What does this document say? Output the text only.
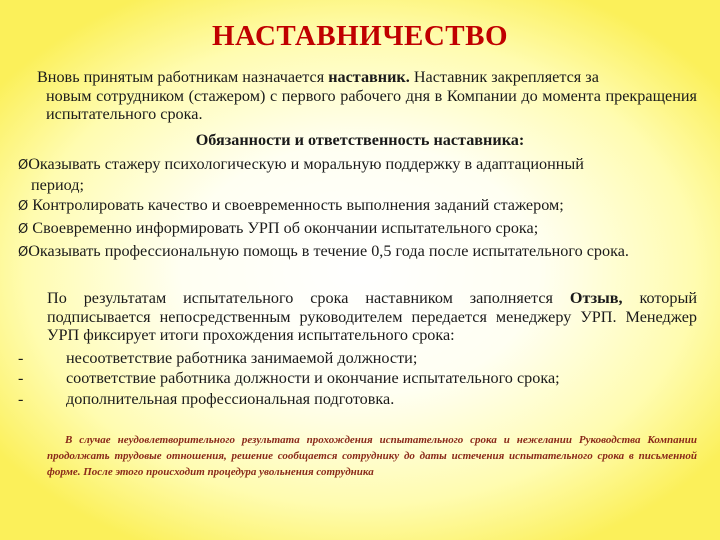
НАСТАВНИЧЕСТВО
Вновь принятым работникам назначается наставник. Наставник закрепляется за
новым сотрудником (стажером) с первого рабочего дня в Компании до момента прекращения испытательного срока.
Обязанности и ответственность наставника:
ØОказывать стажеру психологическую и моральную поддержку в адаптационный
период;
Ø Контролировать качество и своевременность выполнения заданий стажером;
Ø Своевременно информировать УРП об окончании испытательного срока;
ØОказывать профессиональную помощь в течение 0,5 года после испытательного срока.
По результатам испытательного срока наставником заполняется Отзыв, который подписывается непосредственным руководителем передается менеджеру УРП. Менеджер УРП фиксирует итоги прохождения испытательного срока:
-	несоответствие работника занимаемой должности;
-	соответствие работника должности и окончание испытательного срока;
-	дополнительная профессиональная подготовка.
В случае неудовлетворительного результата прохождения испытательного срока и нежелании Руководства Компании продолжать трудовые отношения, решение сообщается сотруднику до даты истечения испытательного срока в письменной форме. После этого происходит процедура увольнения сотрудника
